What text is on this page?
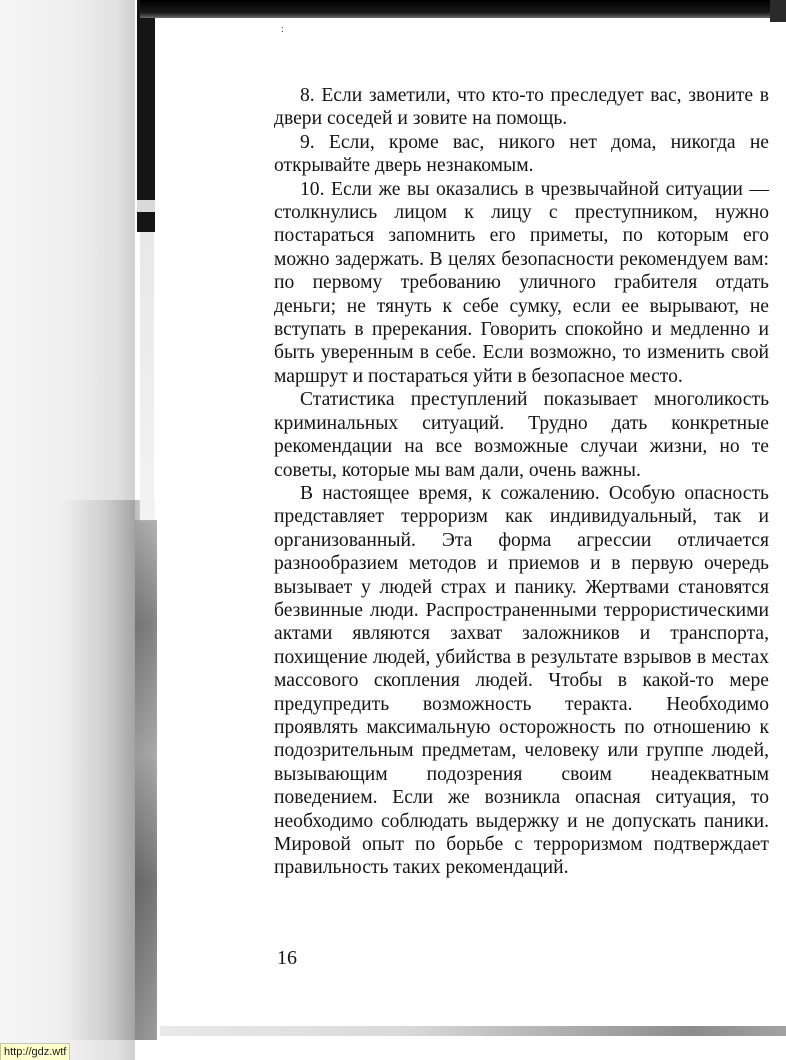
:

8. Если заметили, что кто-то преследует вас, звоните в двери соседей и зовите на помощь.

9. Если, кроме вас, никого нет дома, никогда не открывайте дверь незнакомым.

10. Если же вы оказались в чрезвычайной ситуации — столкнулись лицом к лицу с преступником, нужно постараться запомнить его приметы, по которым его можно задержать. В целях безопасности рекомендуем вам: по первому требованию уличного грабителя отдать деньги; не тянуть к себе сумку, если ее вырывают, не вступать в пререкания. Говорить спокойно и медленно и быть уверенным в себе. Если возможно, то изменить свой маршрут и постараться уйти в безопасное место.

Статистика преступлений показывает многоликость криминальных ситуаций. Трудно дать конкретные рекомендации на все возможные случаи жизни, но те советы, которые мы вам дали, очень важны.

В настоящее время, к сожалению. Особую опасность представляет терроризм как индивидуальный, так и организованный. Эта форма агрессии отличается разнообразием методов и приемов и в первую очередь вызывает у людей страх и панику. Жертвами становятся безвинные люди. Распространенными террористическими актами являются захват заложников и транспорта, похищение людей, убийства в результате взрывов в местах массового скопления людей. Чтобы в какой-то мере предупредить возможность теракта. Необходимо проявлять максимальную осторожность по отношению к подозрительным предметам, человеку или группе людей, вызывающим подозрения своим неадекватным поведением. Если же возникла опасная ситуация, то необходимо соблюдать выдержку и не допускать паники. Мировой опыт по борьбе с терроризмом подтверждает правильность таких рекомендаций.

16
http://gdz.wtf
